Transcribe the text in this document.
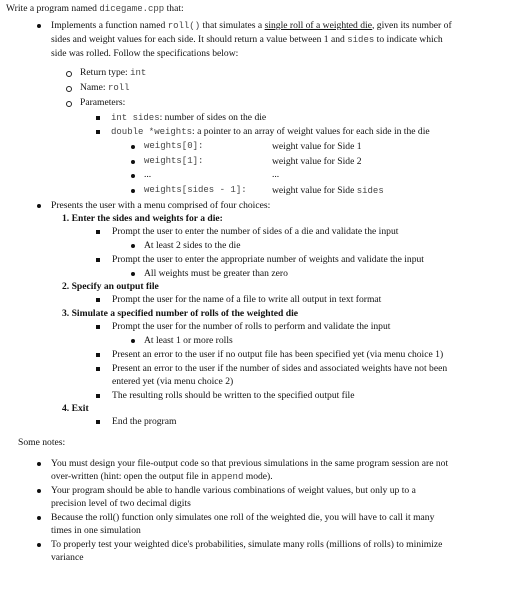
Write a program named dicegame.cpp that:
Implements a function named roll() that simulates a single roll of a weighted die, given its number of
sides and weight values for each side. It should return a value between 1 and sides to indicate which
side was rolled. Follow the specifications below:
Return type: int
Name: roll
Parameters:
int sides: number of sides on the die
double *weights: a pointer to an array of weight values for each side in the die
weights[0]:	weight value for Side 1
weights[1]:	weight value for Side 2
...	...
weights[sides - 1]:	weight value for Side sides
Presents the user with a menu comprised of four choices:
1. Enter the sides and weights for a die:
Prompt the user to enter the number of sides of a die and validate the input
At least 2 sides to the die
Prompt the user to enter the appropriate number of weights and validate the input
All weights must be greater than zero
2. Specify an output file
Prompt the user for the name of a file to write all output in text format
3. Simulate a specified number of rolls of the weighted die
Prompt the user for the number of rolls to perform and validate the input
At least 1 or more rolls
Present an error to the user if no output file has been specified yet (via menu choice 1)
Present an error to the user if the number of sides and associated weights have not been
entered yet (via menu choice 2)
The resulting rolls should be written to the specified output file
4. Exit
End the program
Some notes:
You must design your file-output code so that previous simulations in the same program session are not
over-written (hint: open the output file in append mode).
Your program should be able to handle various combinations of weight values, but only up to a
precision level of two decimal digits
Because the roll() function only simulates one roll of the weighted die, you will have to call it many
times in one simulation
To properly test your weighted dice's probabilities, simulate many rolls (millions of rolls) to minimize
variance
